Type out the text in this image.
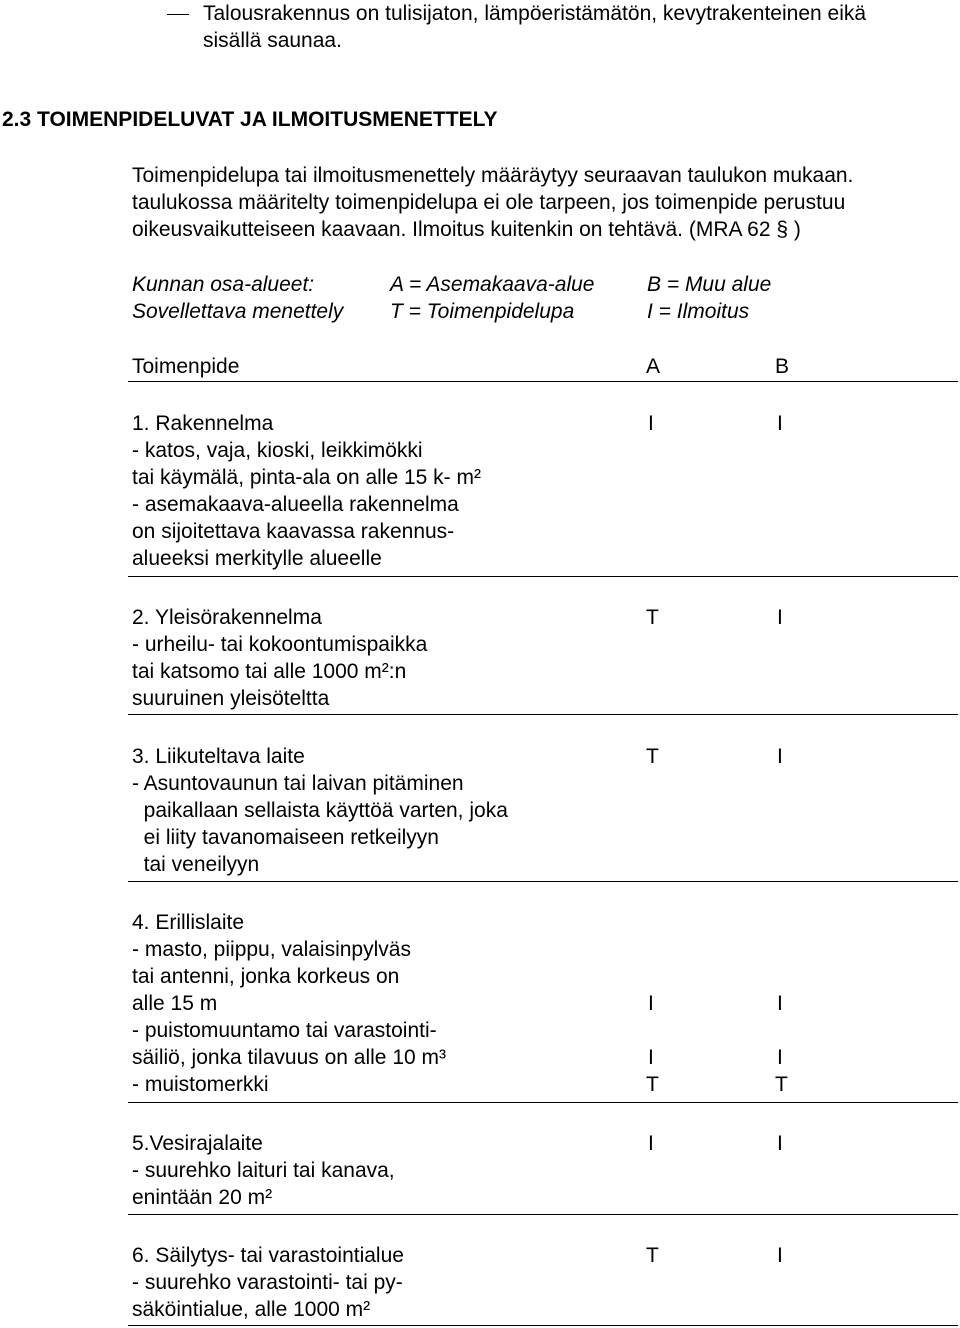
Talousrakennus on tulisijaton, lämpöeristämätön, kevytrakenteinen eikä
sisällä saunaa.
2.3 TOIMENPIDELUVAT JA ILMOITUSMENETTELY
Toimenpidelupa tai ilmoitusmenettely määräytyy seuraavan taulukon mukaan.
taulukossa määritelty toimenpidelupa ei ole tarpeen, jos toimenpide perustuu
oikeusvaikutteiseen kaavaan. Ilmoitus kuitenkin on tehtävä. (MRA 62 § )
Kunnan osa-alueet:	A = Asemakaava-alue	B = Muu alue
Sovellettava menettely T = Toimenpidelupa	I = Ilmoitus
Toimenpide	A	B
1. Rakennelma
- katos, vaja, kioski, leikkimökki
tai käymälä, pinta-ala on alle 15 k- m²
- asemakaava-alueella rakennelma
on sijoitettava kaavassa rakennus-
alueeksi merkitylle alueelle
I	I
2. Yleisörakennelma
- urheilu- tai kokoontumispaikka
tai katsomo tai alle 1000 m²:n
suuruinen yleisöteltta
T	I
3. Liikuteltava laite
- Asuntovaunun tai laivan pitäminen
paikallaan sellaista käyttöä varten, joka
ei liity tavanomaiseen retkeilyyn
tai veneilyyn
T	I
4. Erillislaite
- masto, piippu, valaisinpylväs
tai antenni, jonka korkeus on
alle 15 m
- puistomuuntamo tai varastointi-
säiliö, jonka tilavuus on alle 10 m³
- muistomerkki
I	I
I	I
T	T
5.Vesirajalaite
- suurehko laituri tai kanava,
enintään 20 m²
I	I
6. Säilytys- tai varastointialue
- suurehko varastointi- tai py-
säköintialue, alle 1000 m²
T	I
